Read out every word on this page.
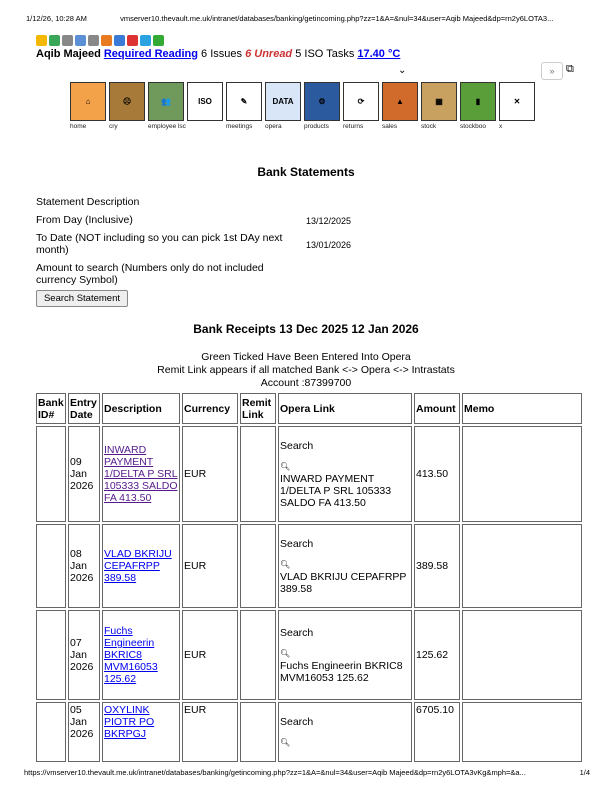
1/12/26, 10:28 AM	vmserver10.thevault.me.uk/intranet/databases/banking/getincoming.php?zz=1&A=&nul=34&user=Aqib Majeed&dp=rn2y6LOTA3...
Aqib Majeed Required Reading 6 Issues 6 Unread 5 ISO Tasks 17.40 °C
⌄	»	⧉
⌂
home
☹
cry
👥
employee lsc
ISO	✎
meetings
DATA
opera
⚙
products
⟳
returns
▲
sales
▦
stock
▮
stockboo
✕
x
Bank Statements
Statement Description
From Day (Inclusive)	13/12/2025
To Date (NOT including so you can pick 1st DAy next month)	13/01/2026
Amount to search (Numbers only do not included currency Symbol)
Search Statement
Bank Receipts 13 Dec 2025 12 Jan 2026
Green Ticked Have Been Entered Into Opera
Remit Link appears if all matched Bank <-> Opera <-> Intrastats
Account :87399700
Bank ID#	Entry Date	Description	Currency	Remit Link	Opera Link	Amount	Memo
	09
Jan
2026	INWARD PAYMENT 1/DELTA P SRL 105333 SALDO FA 413.50	EUR		Search
🔍︎
INWARD PAYMENT 1/DELTA P SRL 105333 SALDO FA 413.50	413.50	
	08
Jan
2026	VLAD BKRIJU CEPAFRPP 389.58	EUR		Search
🔍︎
VLAD BKRIJU CEPAFRPP 389.58	389.58	
	07
Jan
2026	Fuchs Engineerin BKRIC8 MVM16053 125.62	EUR		Search
🔍︎
Fuchs Engineerin BKRIC8 MVM16053 125.62	125.62	
	05
Jan
2026	OXYLINK PIOTR PO BKRPGJ	EUR		Search
🔍︎	6705.10	
https://vmserver10.thevault.me.uk/intranet/databases/banking/getincoming.php?zz=1&A=&nul=34&user=Aqib Majeed&dp=rn2y6LOTA3vKg&mph=&a...	1/4
